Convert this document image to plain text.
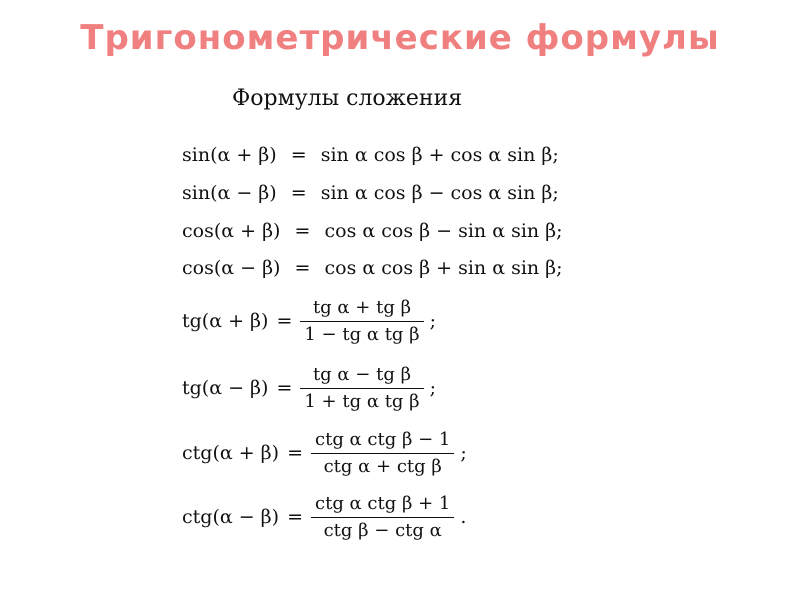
Тригонометрические формулы
Формулы сложения
sin(α + β) = sin α cos β + cos α sin β;
sin(α − β) = sin α cos β − cos α sin β;
cos(α + β) = cos α cos β − sin α sin β;
cos(α − β) = cos α cos β + sin α sin β;
$tg(\alpha + \beta) = \frac{\text{tg α + tg β}}{\text{1 − tg α tg β}}$ ;
$tg(\alpha - \beta) = \frac{\text{tg α − tg β}}{\text{1 + tg α tg β}}$ ;
$ctg(\alpha + \beta) = \frac{\text{ctg α ctg β − 1}}{\text{ctg α + ctg β}}$ ;
$ctg(\alpha - \beta) = \frac{\text{ctg α ctg β + 1}}{\text{ctg β − ctg α}}$ .
